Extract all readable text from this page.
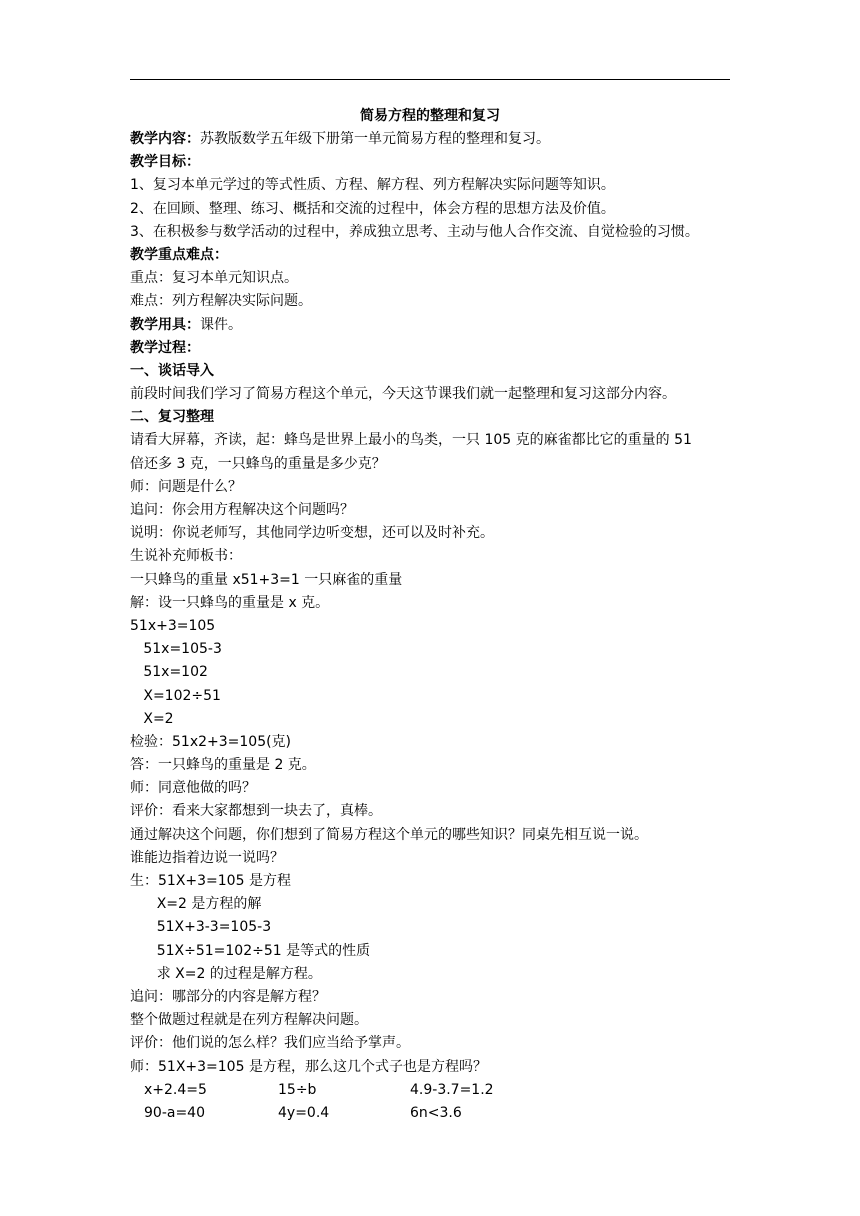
简易方程的整理和复习
教学内容：苏教版数学五年级下册第一单元简易方程的整理和复习。
教学目标：
1、复习本单元学过的等式性质、方程、解方程、列方程解决实际问题等知识。
2、在回顾、整理、练习、概括和交流的过程中，体会方程的思想方法及价值。
3、在积极参与数学活动的过程中，养成独立思考、主动与他人合作交流、自觉检验的习惯。
教学重点难点：
重点：复习本单元知识点。
难点：列方程解决实际问题。
教学用具：课件。
教学过程：
一、谈话导入
前段时间我们学习了简易方程这个单元，今天这节课我们就一起整理和复习这部分内容。
二、复习整理
请看大屏幕，齐读，起：蜂鸟是世界上最小的鸟类，一只 105 克的麻雀都比它的重量的 51
倍还多 3 克，一只蜂鸟的重量是多少克？
师：问题是什么？
追问：你会用方程解决这个问题吗？
说明：你说老师写，其他同学边听变想，还可以及时补充。
生说补充师板书：
一只蜂鸟的重量 x51+3=1 一只麻雀的重量
解：设一只蜂鸟的重量是 x 克。
51x+3=105
51x=105-3
51x=102
X=102÷51
X=2
检验：51x2+3=105(克)
答：一只蜂鸟的重量是 2 克。
师：同意他做的吗？
评价：看来大家都想到一块去了，真棒。
通过解决这个问题，你们想到了简易方程这个单元的哪些知识？同桌先相互说一说。
谁能边指着边说一说吗？
生：51X+3=105 是方程
X=2 是方程的解
51X+3-3=105-3
51X÷51=102÷51 是等式的性质
求 X=2 的过程是解方程。
追问：哪部分的内容是解方程？
整个做题过程就是在列方程解决问题。
评价：他们说的怎么样？我们应当给予掌声。
师：51X+3=105 是方程，那么这几个式子也是方程吗？
x+2.4=5	15÷b	4.9-3.7=1.2
90-a=40	4y=0.4	6n<3.6
